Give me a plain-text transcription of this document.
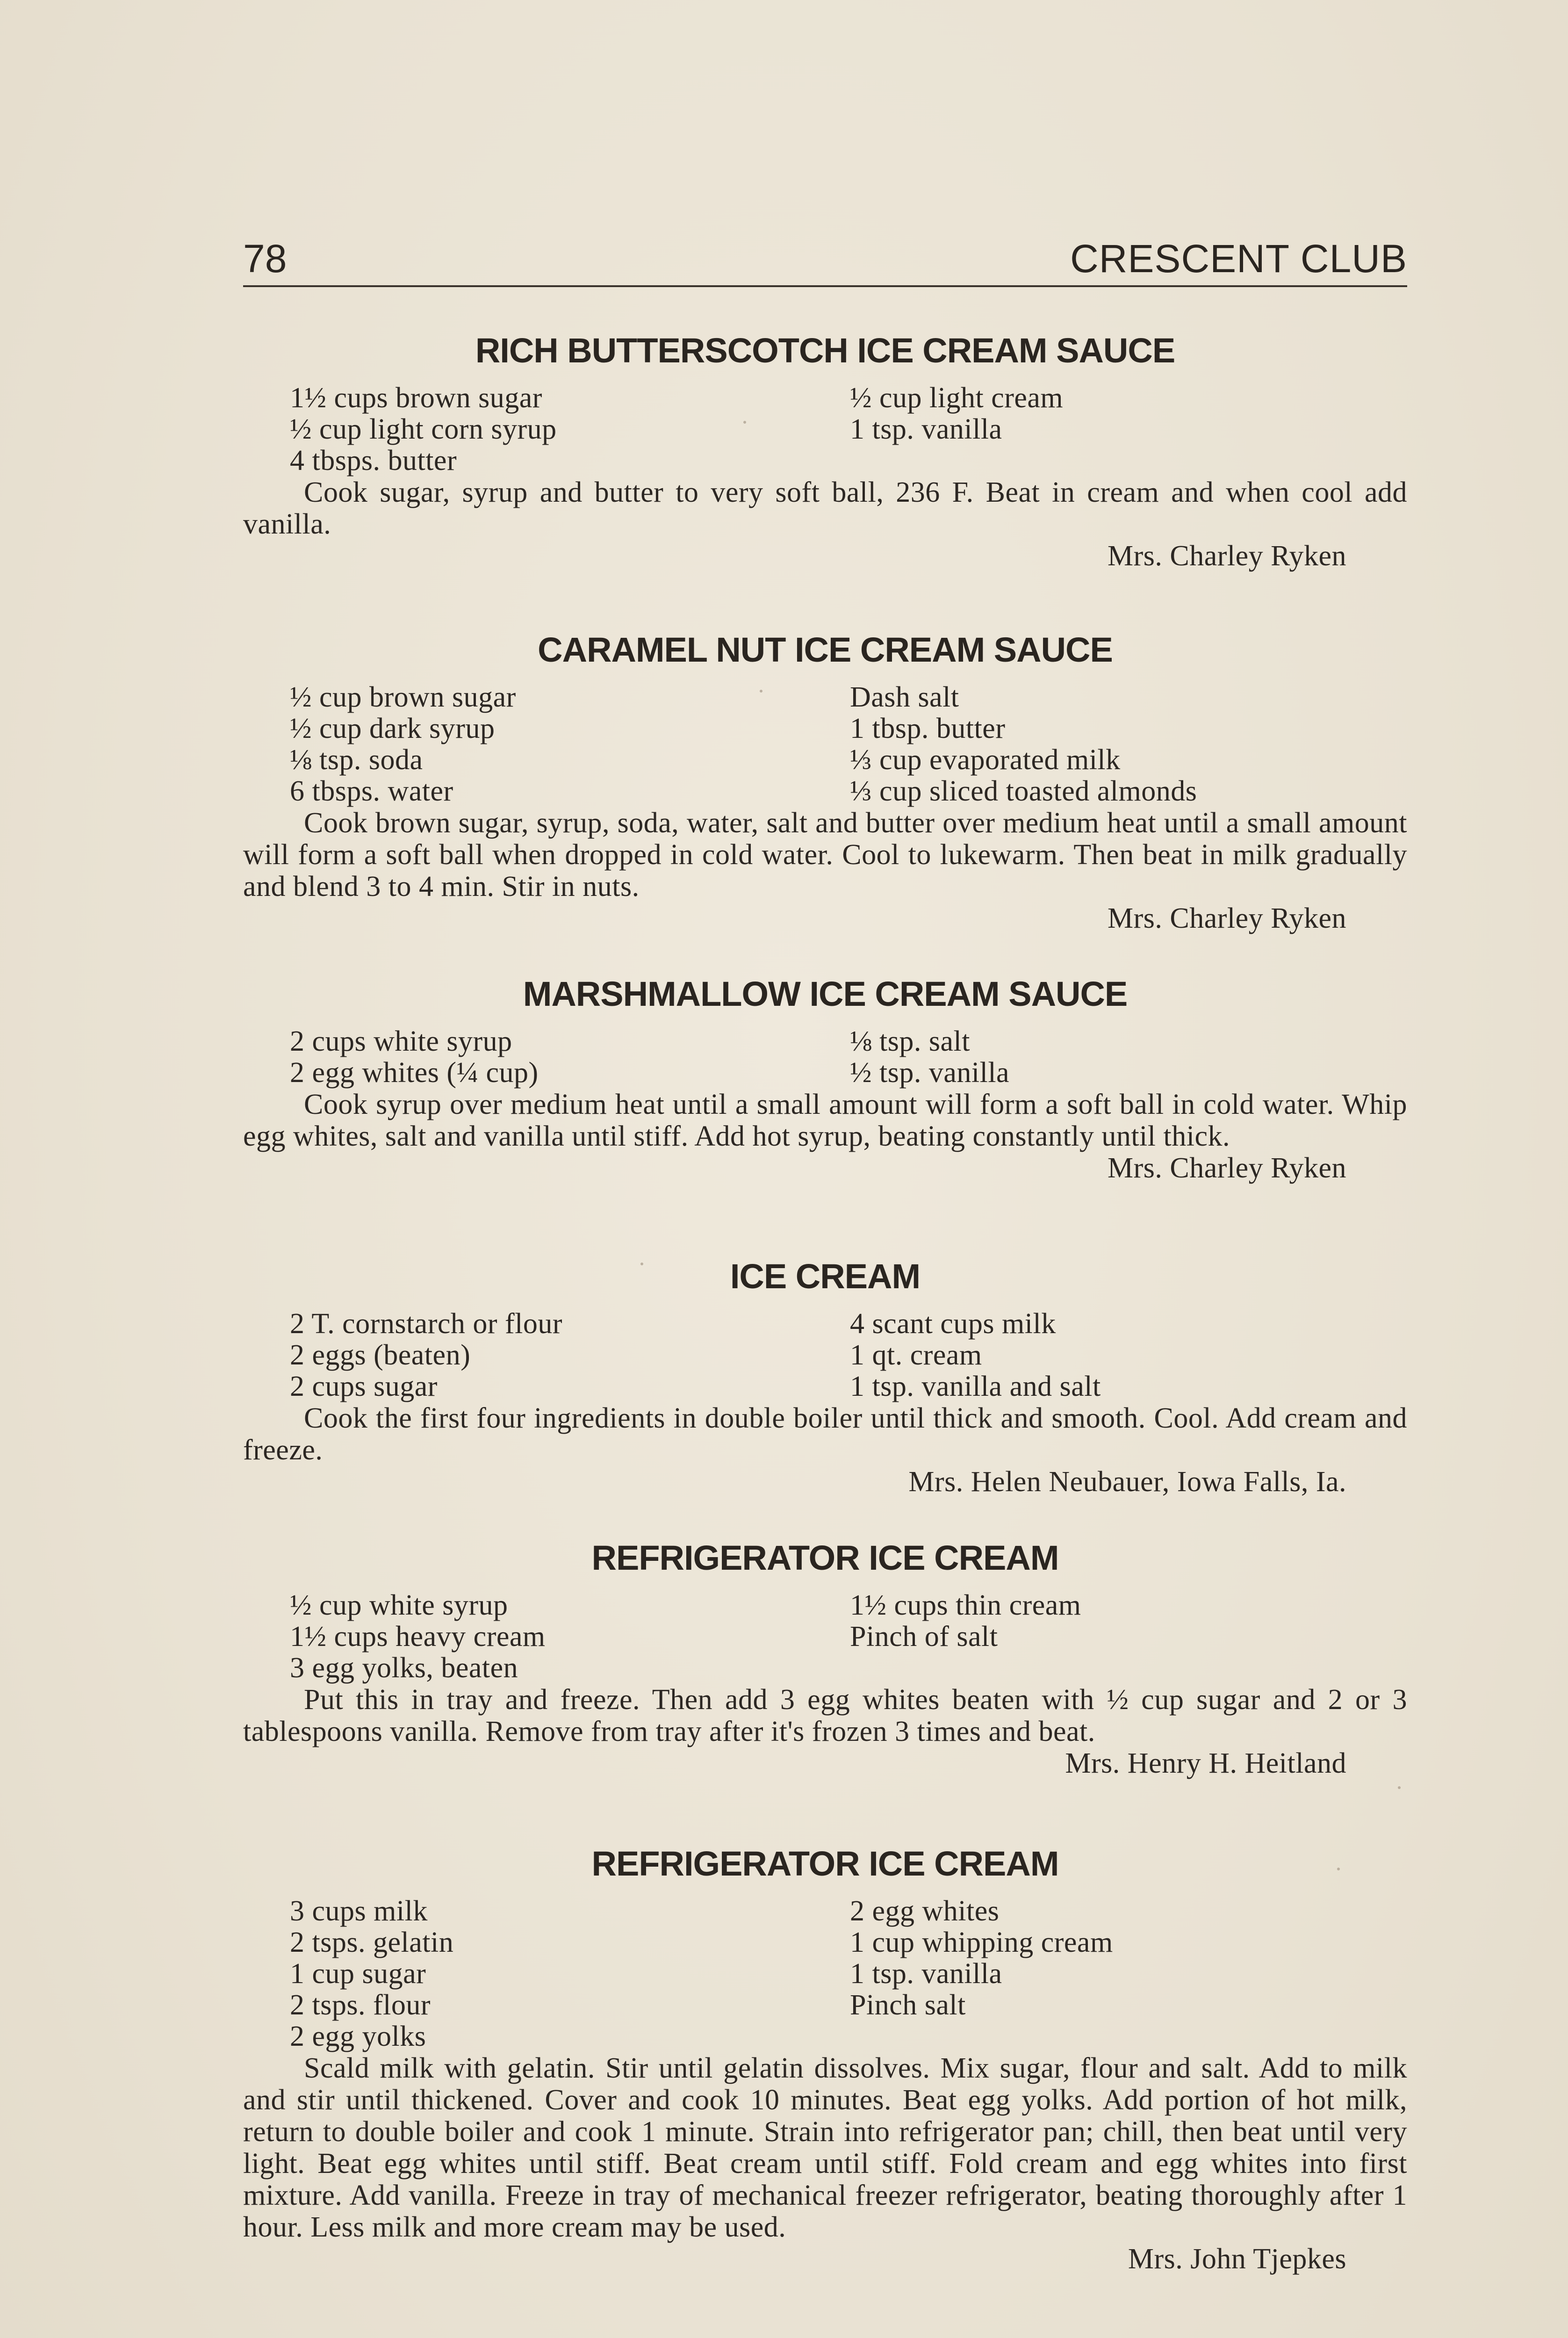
78	CRESCENT CLUB
RICH BUTTERSCOTCH ICE CREAM SAUCE
1½ cups brown sugar	½ cup light cream
½ cup light corn syrup	1 tsp. vanilla
4 tbsps. butter

Cook sugar, syrup and butter to very soft ball, 236 F. Beat in cream and when cool add vanilla.

Mrs. Charley Ryken
CARAMEL NUT ICE CREAM SAUCE
½ cup brown sugar	Dash salt
½ cup dark syrup	1 tbsp. butter
⅛ tsp. soda	⅓ cup evaporated milk
6 tbsps. water	⅓ cup sliced toasted almonds

Cook brown sugar, syrup, soda, water, salt and butter over medium heat until a small amount will form a soft ball when dropped in cold water. Cool to lukewarm. Then beat in milk gradually and blend 3 to 4 min. Stir in nuts.

Mrs. Charley Ryken
MARSHMALLOW ICE CREAM SAUCE
2 cups white syrup	⅛ tsp. salt
2 egg whites (¼ cup)	½ tsp. vanilla

Cook syrup over medium heat until a small amount will form a soft ball in cold water. Whip egg whites, salt and vanilla until stiff. Add hot syrup, beating constantly until thick.

Mrs. Charley Ryken
ICE CREAM
2 T. cornstarch or flour	4 scant cups milk
2 eggs (beaten)	1 qt. cream
2 cups sugar	1 tsp. vanilla and salt

Cook the first four ingredients in double boiler until thick and smooth. Cool. Add cream and freeze.

Mrs. Helen Neubauer, Iowa Falls, Ia.
REFRIGERATOR ICE CREAM
½ cup white syrup	1½ cups thin cream
1½ cups heavy cream	Pinch of salt
3 egg yolks, beaten

Put this in tray and freeze. Then add 3 egg whites beaten with ½ cup sugar and 2 or 3 tablespoons vanilla. Remove from tray after it's frozen 3 times and beat.

Mrs. Henry H. Heitland
REFRIGERATOR ICE CREAM
3 cups milk	2 egg whites
2 tsps. gelatin	1 cup whipping cream
1 cup sugar	1 tsp. vanilla
2 tsps. flour	Pinch salt
2 egg yolks

Scald milk with gelatin. Stir until gelatin dissolves. Mix sugar, flour and salt. Add to milk and stir until thickened. Cover and cook 10 minutes. Beat egg yolks. Add portion of hot milk, return to double boiler and cook 1 minute. Strain into refrigerator pan; chill, then beat until very light. Beat egg whites until stiff. Beat cream until stiff. Fold cream and egg whites into first mixture. Add vanilla. Freeze in tray of mechanical freezer refrigerator, beating thoroughly after 1 hour. Less milk and more cream may be used.

Mrs. John Tjepkes
